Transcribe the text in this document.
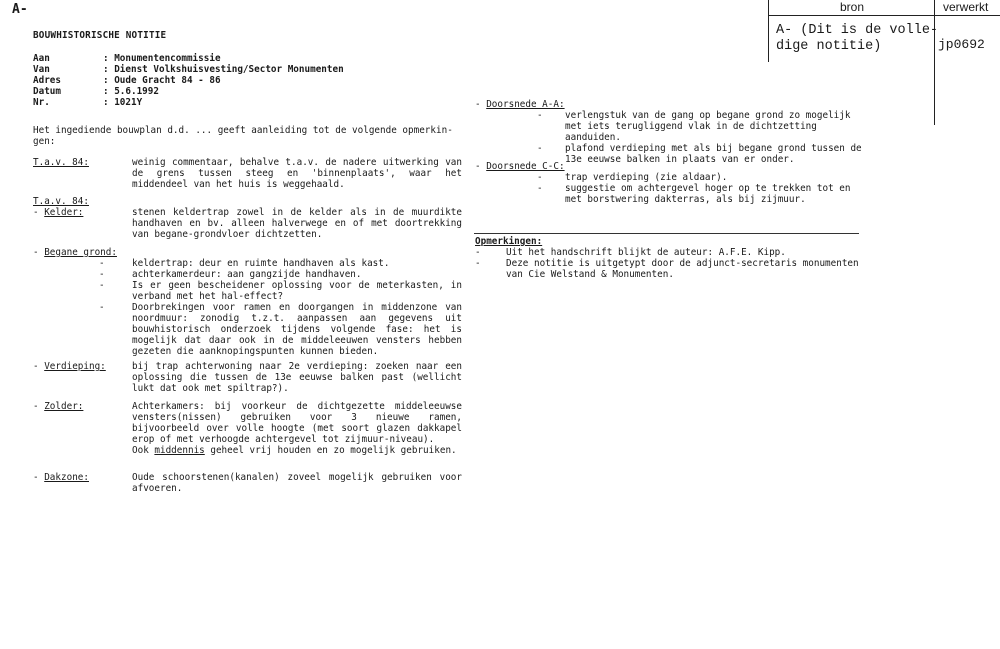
A-
BOUWHISTORISCHE NOTITIE
Aan	: Monumentencommissie
Van	: Dienst Volkshuisvesting/Sector Monumenten
Adres	: Oude Gracht 84 - 86
Datum	: 5.6.1992
Nr.	: 1021Y
Het ingediende bouwplan d.d. ... geeft aanleiding tot de volgende opmerkin-gen:
T.a.v. 84:	weinig commentaar, behalve t.a.v. de nadere uitwerking van de grens tussen steeg en 'binnenplaats', waar het middendeel van het huis is weggehaald.
T.a.v. 84:
- Kelder:	stenen keldertrap zowel in de kelder als in de muurdikte handhaven en bv. alleen halverwege en of met doortrekking van begane-grondvloer dichtzetten.
- Begane grond:
-	keldertrap: deur en ruimte handhaven als kast.
-	achterkamerdeur: aan gangzijde handhaven.
-	Is er geen bescheidener oplossing voor de meterkasten, in verband met het hal-effect?
-	Doorbrekingen voor ramen en doorgangen in middenzone van noordmuur: zonodig t.z.t. aanpassen aan gegevens uit bouwhistorisch onderzoek tijdens volgende fase: het is mogelijk dat daar ook in de middeleeuwen vensters hebben gezeten die aanknopingspunten kunnen bieden.
- Verdieping:	bij trap achterwoning naar 2e verdieping: zoeken naar een oplossing die tussen de 13e eeuwse balken past (wellicht lukt dat ook met spiltrap?).
- Zolder:	Achterkamers: bij voorkeur de dichtgezette middeleeuwse vensters(nissen) gebruiken voor 3 nieuwe ramen, bijvoorbeeld over volle hoogte (met soort glazen dakkapel erop of met verhoogde achtergevel tot zijmuur-niveau).
Ook middennis geheel vrij houden en zo mogelijk gebruiken.
- Dakzone:	Oude schoorstenen(kanalen) zoveel mogelijk gebruiken voor afvoeren.
- Doorsnede A-A:
-	verlengstuk van de gang op begane grond zo mogelijk met iets terugliggend vlak in de dichtzetting aanduiden.
-	plafond verdieping met als bij begane grond tussen de 13e eeuwse balken in plaats van er onder.
- Doorsnede C-C:
-	trap verdieping (zie aldaar).
-	suggestie om achtergevel hoger op te trekken tot en met borstwering dakterras, als bij zijmuur.
Opmerkingen:
-	Uit het handschrift blijkt de auteur: A.F.E. Kipp.
-	Deze notitie is uitgetypt door de adjunct-secretaris monumenten van Cie Welstand & Monumenten.
bron	verwerkt
A- (Dit is de volle-
dige notitie)	jp0692
